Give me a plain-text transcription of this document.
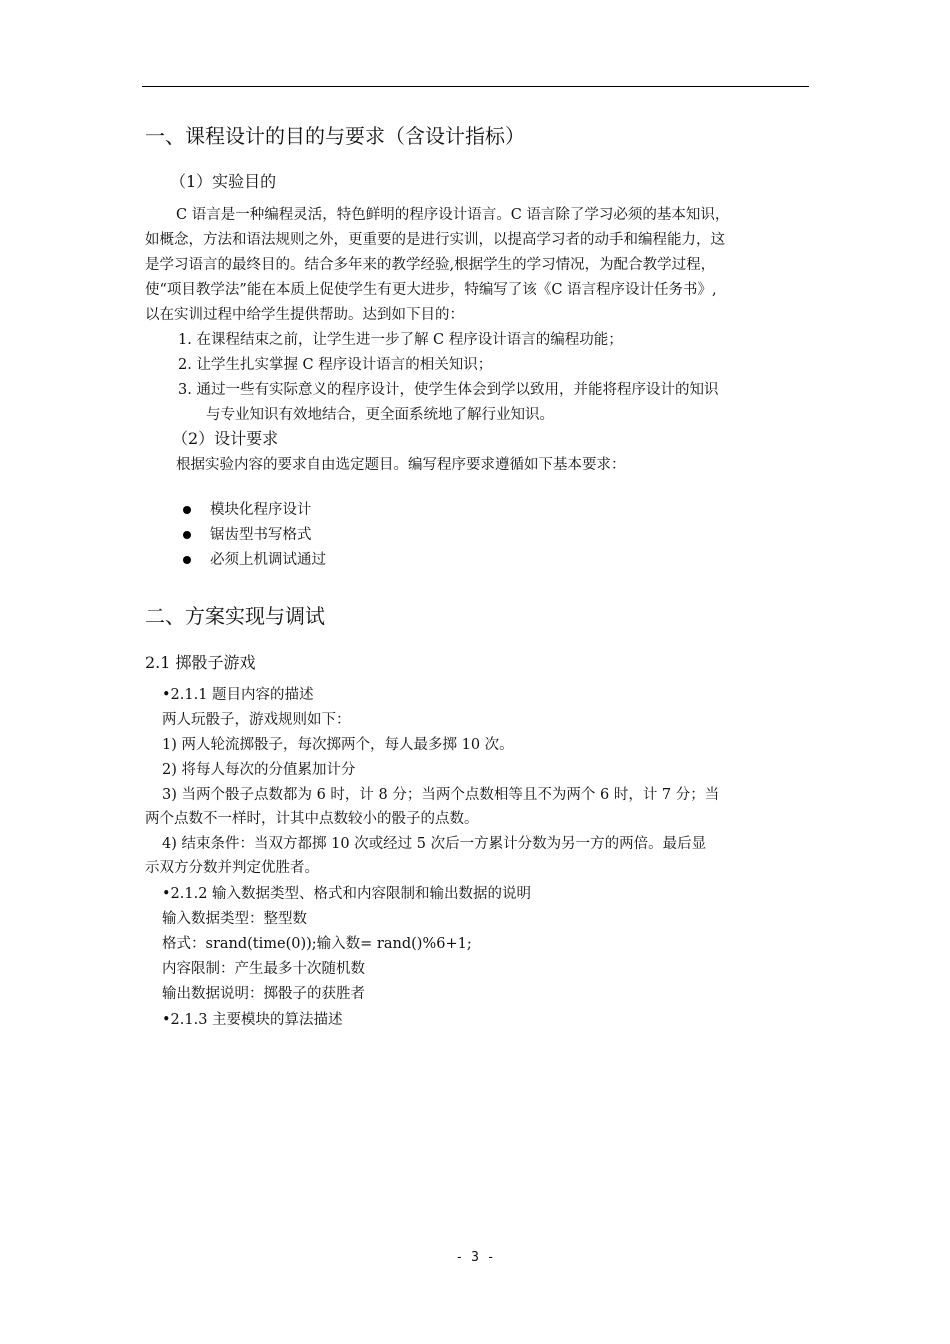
一、课程设计的目的与要求（含设计指标）
（1）实验目的
C 语言是一种编程灵活，特色鲜明的程序设计语言。C 语言除了学习必须的基本知识，
如概念，方法和语法规则之外，更重要的是进行实训，以提高学习者的动手和编程能力，这
是学习语言的最终目的。结合多年来的教学经验,根据学生的学习情况，为配合教学过程，
使“项目教学法”能在本质上促使学生有更大进步，特编写了该《C 语言程序设计任务书》,
以在实训过程中给学生提供帮助。达到如下目的：
1. 在课程结束之前，让学生进一步了解 C 程序设计语言的编程功能；
2. 让学生扎实掌握 C 程序设计语言的相关知识；
3. 通过一些有实际意义的程序设计，使学生体会到学以致用，并能将程序设计的知识
与专业知识有效地结合，更全面系统地了解行业知识。
（2）设计要求
根据实验内容的要求自由选定题目。编写程序要求遵循如下基本要求：
模块化程序设计
锯齿型书写格式
必须上机调试通过
二、方案实现与调试
2.1 掷骰子游戏
•2.1.1 题目内容的描述
两人玩骰子，游戏规则如下：
1) 两人轮流掷骰子，每次掷两个，每人最多掷 10 次。
2) 将每人每次的分值累加计分
3) 当两个骰子点数都为 6 时，计 8 分；当两个点数相等且不为两个 6 时，计 7 分；当
两个点数不一样时，计其中点数较小的骰子的点数。
4) 结束条件：当双方都掷 10 次或经过 5 次后一方累计分数为另一方的两倍。最后显
示双方分数并判定优胜者。
•2.1.2 输入数据类型、格式和内容限制和输出数据的说明
输入数据类型：整型数
格式：srand(time(0));输入数= rand()%6+1;
内容限制：产生最多十次随机数
输出数据说明：掷骰子的获胜者
•2.1.3 主要模块的算法描述
- 3 -
